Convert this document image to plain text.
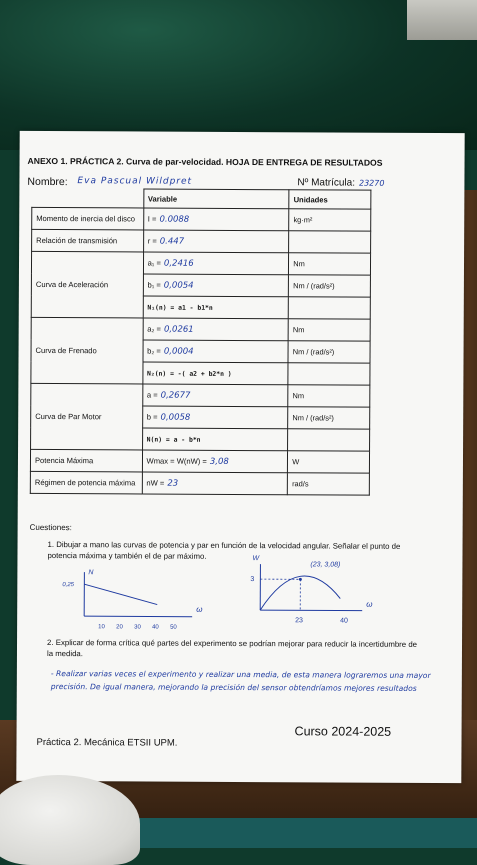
ANEXO 1. PRÁCTICA 2. Curva de par-velocidad. HOJA DE ENTREGA DE RESULTADOS
Nombre: Eva Pascual Wildpret	Nº Matrícula: 23270
	Variable	Unidades
Momento de inercia del disco	I = 0.0088	kg·m²
Relación de transmisión	r = 0.447	
Curva de Aceleración	a₁ = 0,2416	Nm
	b₁ = 0,0054	Nm / (rad/s²)
	N₁(n) = a1 - b1*n	
Curva de Frenado	a₂ = 0,0261	Nm
	b₂ = 0,0004	Nm / (rad/s²)
	N₂(n) = -( a2 + b2*n )	
Curva de Par Motor	a = 0,2677	Nm
	b = 0,0058	Nm / (rad/s²)
	N(n) = a - b*n	
Potencia Máxima	Wmax = W(nW) = 3,08	W
Régimen de potencia máxima	nW = 23	rad/s
Cuestiones:
1. Dibujar a mano las curvas de potencia y par en función de la velocidad angular. Señalar el punto de potencia máxima y también el de par máximo.
N
0,25
ω
10 20 30 40 50
W
3
(23, 3,08)
ω
23	40
2. Explicar de forma crítica qué partes del experimento se podrían mejorar para reducir la incertidumbre de la medida.
- Realizar varias veces el experimento y realizar una media, de esta manera lograremos una mayor precisión. De igual manera, mejorando la precisión del sensor obtendríamos mejores resultados
Práctica 2. Mecánica ETSII UPM.
Curso 2024-2025
